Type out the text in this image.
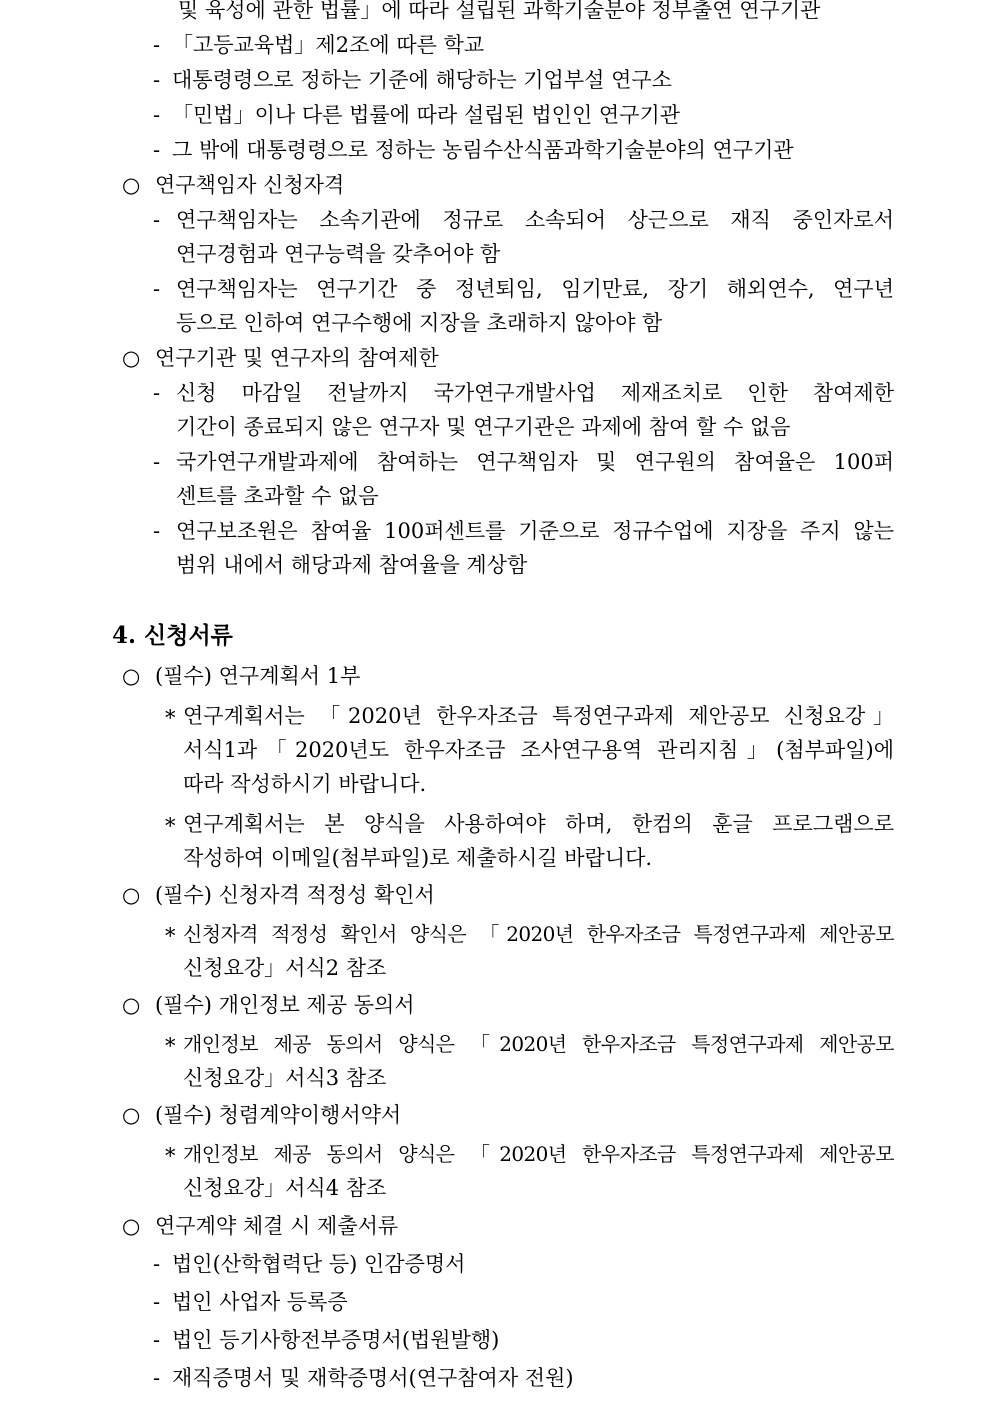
및 육성에 관한 법률」에 따라 설립된 과학기술분야 정부출연 연구기관
- 「고등교육법」제2조에 따른 학교
- 대통령령으로 정하는 기준에 해당하는 기업부설 연구소
- 「민법」이나 다른 법률에 따라 설립된 법인인 연구기관
- 그 밖에 대통령령으로 정하는 농림수산식품과학기술분야의 연구기관
○ 연구책임자 신청자격
- 연구책임자는 소속기관에 정규로 소속되어 상근으로 재직 중인자로서
연구경험과 연구능력을 갖추어야 함
- 연구책임자는 연구기간 중 정년퇴임, 임기만료, 장기 해외연수, 연구년
등으로 인하여 연구수행에 지장을 초래하지 않아야 함
○ 연구기관 및 연구자의 참여제한
- 신청 마감일 전날까지 국가연구개발사업 제재조치로 인한 참여제한
기간이 종료되지 않은 연구자 및 연구기관은 과제에 참여 할 수 없음
- 국가연구개발과제에 참여하는 연구책임자 및 연구원의 참여율은 100퍼
센트를 초과할 수 없음
- 연구보조원은 참여율 100퍼센트를 기준으로 정규수업에 지장을 주지 않는
범위 내에서 해당과제 참여율을 계상함
4. 신청서류
○ (필수) 연구계획서 1부
* 연구계획서는 「2020년 한우자조금 특정연구과제 제안공모 신청요강」
서식1과「2020년도 한우자조금 조사연구용역 관리지침」(첨부파일)에
따라 작성하시기 바랍니다.
* 연구계획서는 본 양식을 사용하여야 하며, 한컴의 훈글 프로그램으로
작성하여 이메일(첨부파일)로 제출하시길 바랍니다.
○ (필수) 신청자격 적정성 확인서
* 신청자격 적정성 확인서 양식은 「2020년 한우자조금 특정연구과제 제안공모
신청요강」서식2 참조
○ (필수) 개인정보 제공 동의서
* 개인정보 제공 동의서 양식은 「2020년 한우자조금 특정연구과제 제안공모
신청요강」서식3 참조
○ (필수) 청렴계약이행서약서
* 개인정보 제공 동의서 양식은 「2020년 한우자조금 특정연구과제 제안공모
신청요강」서식4 참조
○ 연구계약 체결 시 제출서류
- 법인(산학협력단 등) 인감증명서
- 법인 사업자 등록증
- 법인 등기사항전부증명서(법원발행)
- 재직증명서 및 재학증명서(연구참여자 전원)
